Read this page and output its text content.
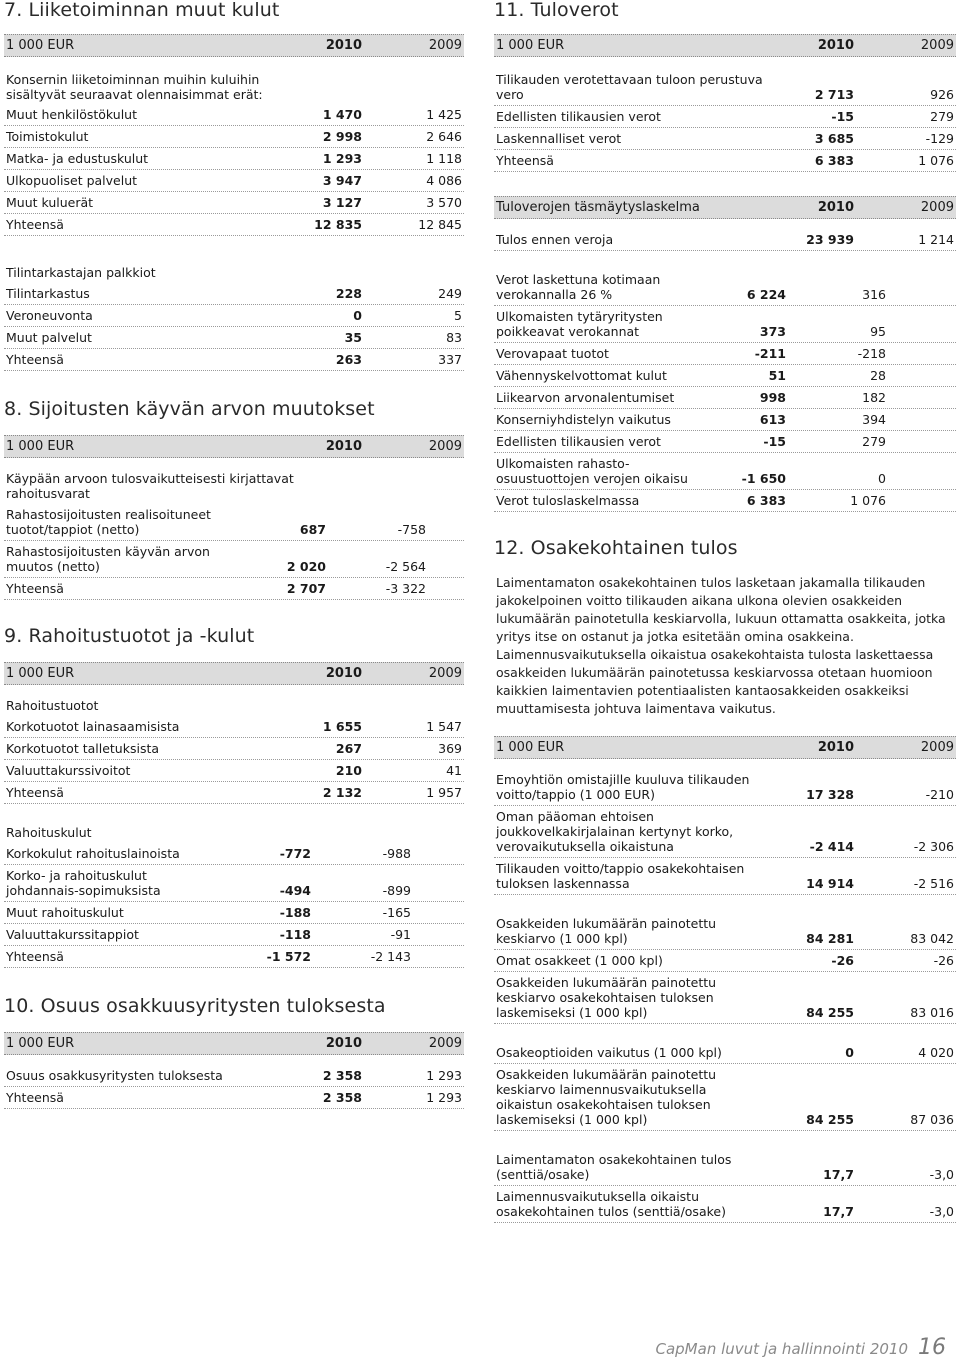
7. Liiketoiminnan muut kulut
1 000 EUR	2010	2009
Konsernin liiketoiminnan muihin kuluihin sisältyvät seuraavat olennaisimmat erät:
Muut henkilöstökulut	1 470	1 425
Toimistokulut	2 998	2 646
Matka- ja edustuskulut	1 293	1 118
Ulkopuoliset palvelut	3 947	4 086
Muut kuluerät	3 127	3 570
Yhteensä	12 835	12 845
Tilintarkastajan palkkiot
Tilintarkastus	228	249
Veroneuvonta	0	5
Muut palvelut	35	83
Yhteensä	263	337
8. Sijoitusten käyvän arvon muutokset
1 000 EUR	2010	2009
Käypään arvoon tulosvaikutteisesti kirjattavat rahoitusvarat
Rahastosijoitusten realisoituneet tuotot/tappiot (netto)	687	-758
Rahastosijoitusten käyvän arvon muutos (netto)	2 020	-2 564
Yhteensä	2 707	-3 322
9. Rahoitustuotot ja -kulut
1 000 EUR	2010	2009
Rahoitustuotot
Korkotuotot lainasaamisista	1 655	1 547
Korkotuotot talletuksista	267	369
Valuuttakurssivoitot	210	41
Yhteensä	2 132	1 957
Rahoituskulut
Korkokulut rahoituslainoista	-772	-988
Korko- ja rahoituskulut johdannais-sopimuksista	-494	-899
Muut rahoituskulut	-188	-165
Valuuttakurssitappiot	-118	-91
Yhteensä	-1 572	-2 143
10. Osuus osakkuusyritysten tuloksesta
1 000 EUR	2010	2009
Osuus osakkusyritysten tuloksesta	2 358	1 293
Yhteensä	2 358	1 293
11. Tuloverot
1 000 EUR	2010	2009
Tilikauden verotettavaan tuloon perustuva vero	2 713	926
Edellisten tilikausien verot	-15	279
Laskennalliset verot	3 685	-129
Yhteensä	6 383	1 076
Tuloverojen täsmäytyslaskelma	2010	2009
Tulos ennen veroja	23 939	1 214
Verot laskettuna kotimaan verokannalla 26 %	6 224	316
Ulkomaisten tytäryritysten poikkeavat verokannat	373	95
Verovapaat tuotot	-211	-218
Vähennyskelvottomat kulut	51	28
Liikearvon arvonalentumiset	998	182
Konserniyhdistelyn vaikutus	613	394
Edellisten tilikausien verot	-15	279
Ulkomaisten rahasto-osuustuottojen verojen oikaisu	-1 650	0
Verot tuloslaskelmassa	6 383	1 076
12. Osakekohtainen tulos

Laimentamaton osakekohtainen tulos lasketaan jakamalla tilikauden jakokelpoinen voitto tilikauden aikana ulkona olevien osakkeiden lukumäärän painotetulla keskiarvolla, lukuun ottamatta osakkeita, jotka yritys itse on ostanut ja jotka esitetään omina osakkeina. Laimennusvaikutuksella oikaistua osakekohtaista tulosta laskettaessa osakkeiden lukumäärän painotetussa keskiarvossa otetaan huomioon kaikkien laimentavien potentiaalisten kantaosakkeiden osakkeiksi muuttamisesta johtuva laimentava vaikutus.

1 000 EUR	2010	2009
Emoyhtiön omistajille kuuluva tilikauden voitto/tappio (1 000 EUR)	17 328	-210
Oman pääoman ehtoisen joukkovelkakirjalainan kertynyt korko, verovaikutuksella oikaistuna	-2 414	-2 306
Tilikauden voitto/tappio osakekohtaisen tuloksen laskennassa	14 914	-2 516
Osakkeiden lukumäärän painotettu keskiarvo (1 000 kpl)	84 281	83 042
Omat osakkeet (1 000 kpl)	-26	-26
Osakkeiden lukumäärän painotettu keskiarvo osakekohtaisen tuloksen laskemiseksi (1 000 kpl)	84 255	83 016
Osakeoptioiden vaikutus (1 000 kpl)	0	4 020
Osakkeiden lukumäärän painotettu keskiarvo laimennusvaikutuksella oikaistun osakekohtaisen tuloksen laskemiseksi (1 000 kpl)	84 255	87 036
Laimentamaton osakekohtainen tulos (senttiä/osake)	17,7	-3,0
Laimennusvaikutuksella oikaistu osakekohtainen tulos (senttiä/osake)	17,7	-3,0
CapMan luvut ja hallinnointi 2010 16
